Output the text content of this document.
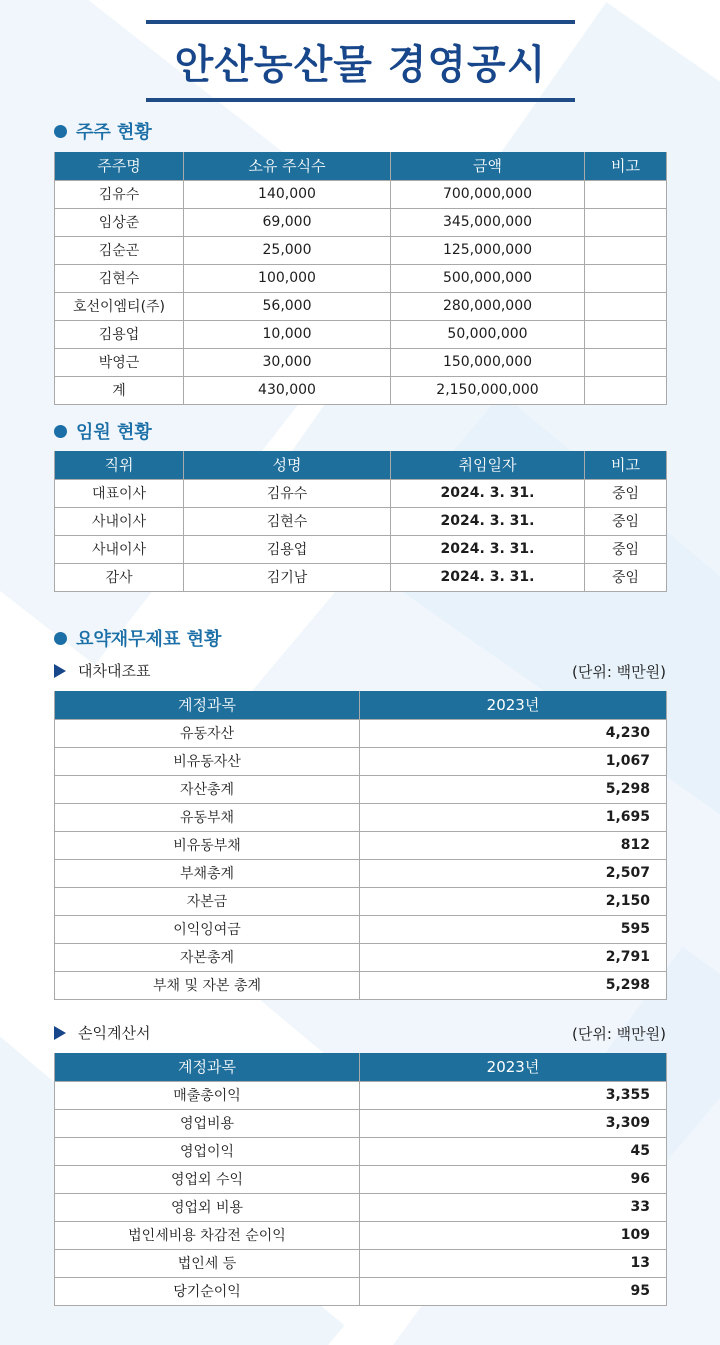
안산농산물 경영공시
주주 현황
주주명	소유 주식수	금액	비고
김유수	140,000	700,000,000	
임상준	69,000	345,000,000	
김순곤	25,000	125,000,000	
김현수	100,000	500,000,000	
호선이엠티(주)	56,000	280,000,000	
김용업	10,000	50,000,000	
박영근	30,000	150,000,000	
계	430,000	2,150,000,000	
임원 현황
직위	성명	취임일자	비고
대표이사	김유수	2024. 3. 31.	중임
사내이사	김현수	2024. 3. 31.	중임
사내이사	김용업	2024. 3. 31.	중임
감사	김기남	2024. 3. 31.	중임
요약재무제표 현황
대차대조표	(단위: 백만원)
계정과목	2023년
유동자산	4,230
비유동자산	1,067
자산총계	5,298
유동부채	1,695
비유동부채	812
부채총계	2,507
자본금	2,150
이익잉여금	595
자본총계	2,791
부채 및 자본 총계	5,298
손익계산서	(단위: 백만원)
계정과목	2023년
매출총이익	3,355
영업비용	3,309
영업이익	45
영업외 수익	96
영업외 비용	33
법인세비용 차감전 순이익	109
법인세 등	13
당기순이익	95
